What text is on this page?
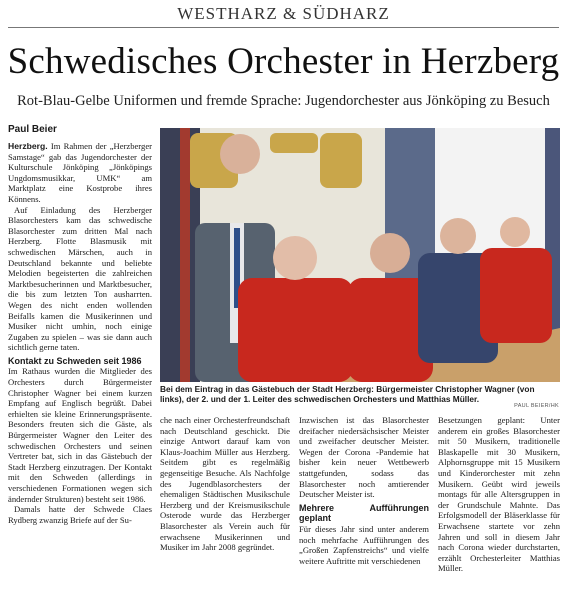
WESTHARZ & SÜDHARZ
Schwedisches Orchester in Herzberg
Rot-Blau-Gelbe Uniformen und fremde Sprache: Jugendorchester aus Jönköping zu Besuch
Paul Beier

Herzberg. Im Rahmen der „Herzberger Samstage“ gab das Jugendorchester der Kulturschule Jönköping „Jönköpings Ungdomsmusikkar, UMK“ am Marktplatz eine Kostprobe ihres Könnens.

Auf Einladung des Herzberger Blasorchesters kam das schwedische Blasorchester zum dritten Mal nach Herzberg. Flotte Blasmusik mit schwedischen Märschen, auch in Deutschland bekannte und beliebte Melodien begeisterten die zahlreichen Marktbesucherinnen und Marktbesucher, die bis zum letzten Ton ausharrten. Wegen des nicht enden wollenden Beifalls kamen die Musikerinnen und Musiker nicht umhin, noch einige Zugaben zu spielen – was sie dann auch sichtlich gerne taten.

Kontakt zu Schweden seit 1986

Im Rathaus wurden die Mitglieder des Orchesters durch Bürgermeister Christopher Wagner bei einem kurzen Empfang auf Englisch begrüßt. Dabei erhielten sie kleine Erinnerungspräsente. Besonders freuten sich die Gäste, als Bürgermeister Wagner den Leiter des schwedischen Orchesters und seinen Vertreter bat, sich in das Gästebuch der Stadt Herzberg einzutragen. Der Kontakt mit den Schweden (allerdings in verschiedenen Formationen wegen sich ändernder Strukturen) besteht seit 1986.

Damals hatte der Schwede Claes Rydberg zwanzig Briefe auf der Su-

Bei dem Eintrag in das Gästebuch der Stadt Herzberg: Bürgermeister Christopher Wagner (von links), der 2. und der 1. Leiter des schwedischen Orchesters und Matthias Müller.
PAUL BEIER/HK

che nach einer Orchesterfreundschaft nach Deutschland geschickt. Die einzige Antwort darauf kam von Klaus-Joachim Müller aus Herzberg. Seitdem gibt es regelmäßig gegenseitige Besuche. Als Nachfolge des Jugendblasorchesters der ehemaligen Städtischen Musikschule Herzberg und der Kreismusikschule Osterode wurde das Herzberger Blasorchester als Verein auch für erwachsene Musikerinnen und Musiker im Jahr 2008 gegründet.

Inzwischen ist das Blasorchester dreifacher niedersächsischer Meister und zweifacher deutscher Meister. Wegen der Corona -Pandemie hat bisher kein neuer Wettbewerb stattgefunden, sodass das Blasorchester noch amtierender Deutscher Meister ist.

Mehrere Aufführungen geplant

Für dieses Jahr sind unter anderem noch mehrfache Aufführungen des „Großen Zapfenstreichs“ und vielfe weitere Auftritte mit verschiedenen

Besetzungen geplant: Unter anderem ein großes Blasorchester mit 50 Musikern, traditionelle Blaskapelle mit 30 Musikern, Alphornsgruppe mit 15 Musikern und Kinderorchester mit zehn Musikern. Geübt wird jeweils montags für alle Altersgruppen in der Grundschule Mahnte. Das Erfolgsmodell der Bläserklasse für Erwachsene startete vor zehn Jahren und soll in diesem Jahr nach Corona wieder durchstarten, erzählt Orchesterleiter Matthias Müller.
